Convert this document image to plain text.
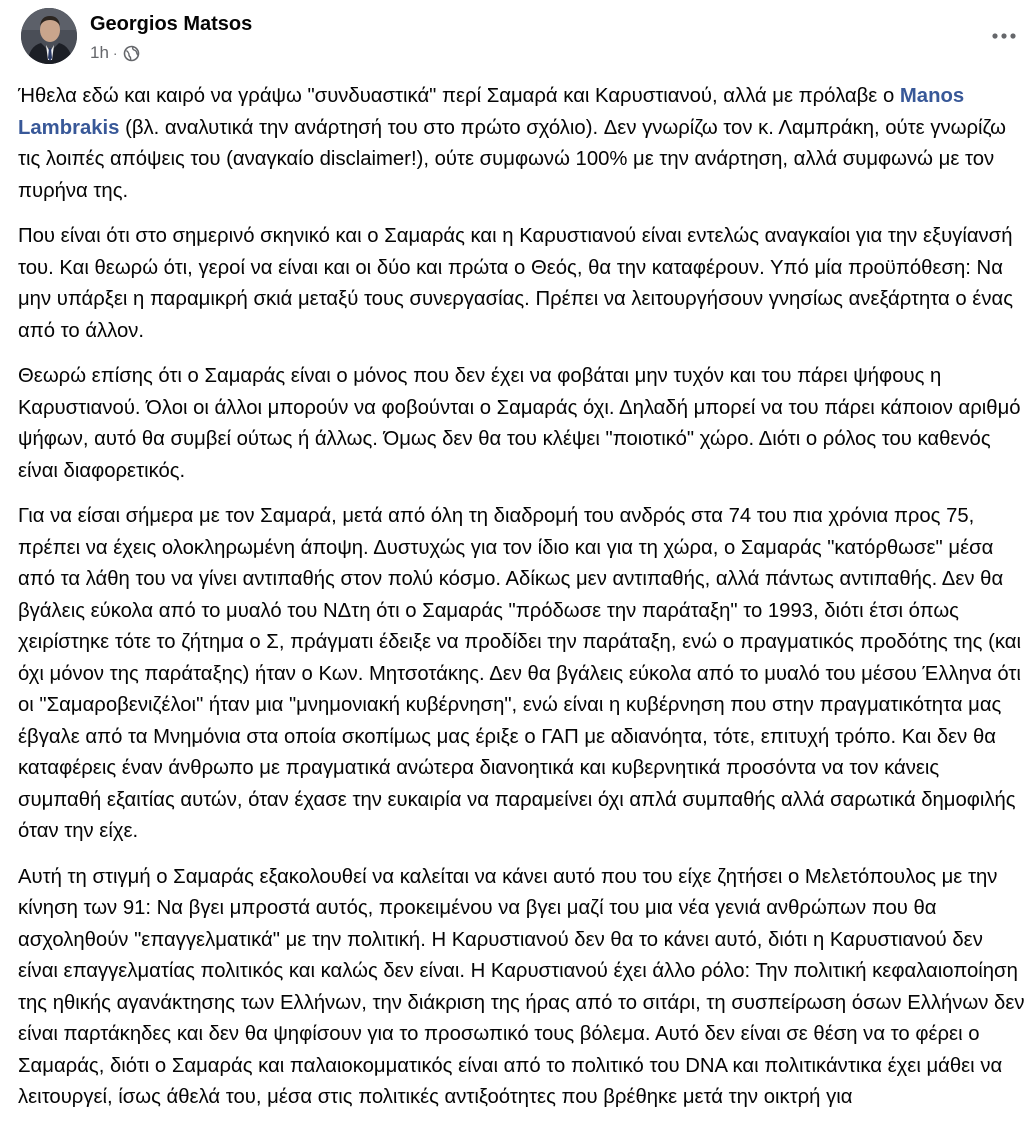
Georgios Matsos
1h ·

Ήθελα εδώ και καιρό να γράψω "συνδυαστικά" περί Σαμαρά και Καρυστιανού, αλλά με πρόλαβε ο Manos Lambrakis (βλ. αναλυτικά την ανάρτησή του στο πρώτο σχόλιο). Δεν γνωρίζω τον κ. Λαμπράκη, ούτε γνωρίζω τις λοιπές απόψεις του (αναγκαίο disclaimer!), ούτε συμφωνώ 100% με την ανάρτηση, αλλά συμφωνώ με τον πυρήνα της.

Που είναι ότι στο σημερινό σκηνικό και ο Σαμαράς και η Καρυστιανού είναι εντελώς αναγκαίοι για την εξυγίανσή του. Και θεωρώ ότι, γεροί να είναι και οι δύο και πρώτα ο Θεός, θα την καταφέρουν. Υπό μία προϋπόθεση: Να μην υπάρξει η παραμικρή σκιά μεταξύ τους συνεργασίας. Πρέπει να λειτουργήσουν γνησίως ανεξάρτητα ο ένας από το άλλον.

Θεωρώ επίσης ότι ο Σαμαράς είναι ο μόνος που δεν έχει να φοβάται μην τυχόν και του πάρει ψήφους η Καρυστιανού. Όλοι οι άλλοι μπορούν να φοβούνται ο Σαμαράς όχι. Δηλαδή μπορεί να του πάρει κάποιον αριθμό ψήφων, αυτό θα συμβεί ούτως ή άλλως. Όμως δεν θα του κλέψει "ποιοτικό" χώρο. Διότι ο ρόλος του καθενός είναι διαφορετικός.

Για να είσαι σήμερα με τον Σαμαρά, μετά από όλη τη διαδρομή του ανδρός στα 74 του πια χρόνια προς 75, πρέπει να έχεις ολοκληρωμένη άποψη. Δυστυχώς για τον ίδιο και για τη χώρα, ο Σαμαράς "κατόρθωσε" μέσα από τα λάθη του να γίνει αντιπαθής στον πολύ κόσμο. Αδίκως μεν αντιπαθής, αλλά πάντως αντιπαθής. Δεν θα βγάλεις εύκολα από το μυαλό του ΝΔτη ότι ο Σαμαράς "πρόδωσε την παράταξη" το 1993, διότι έτσι όπως χειρίστηκε τότε το ζήτημα ο Σ, πράγματι έδειξε να προδίδει την παράταξη, ενώ ο πραγματικός προδότης της (και όχι μόνον της παράταξης) ήταν ο Κων. Μητσοτάκης. Δεν θα βγάλεις εύκολα από το μυαλό του μέσου Έλληνα ότι οι "Σαμαροβενιζέλοι" ήταν μια "μνημονιακή κυβέρνηση", ενώ είναι η κυβέρνηση που στην πραγματικότητα μας έβγαλε από τα Μνημόνια στα οποία σκοπίμως μας έριξε ο ΓΑΠ με αδιανόητα, τότε, επιτυχή τρόπο. Και δεν θα καταφέρεις έναν άνθρωπο με πραγματικά ανώτερα διανοητικά και κυβερνητικά προσόντα να τον κάνεις συμπαθή εξαιτίας αυτών, όταν έχασε την ευκαιρία να παραμείνει όχι απλά συμπαθής αλλά σαρωτικά δημοφιλής όταν την είχε.

Αυτή τη στιγμή ο Σαμαράς εξακολουθεί να καλείται να κάνει αυτό που του είχε ζητήσει ο Μελετόπουλος με την κίνηση των 91: Να βγει μπροστά αυτός, προκειμένου να βγει μαζί του μια νέα γενιά ανθρώπων που θα ασχοληθούν "επαγγελματικά" με την πολιτική. Η Καρυστιανού δεν θα το κάνει αυτό, διότι η Καρυστιανού δεν είναι επαγγελματίας πολιτικός και καλώς δεν είναι. Η Καρυστιανού έχει άλλο ρόλο: Την πολιτική κεφαλαιοποίηση της ηθικής αγανάκτησης των Ελλήνων, την διάκριση της ήρας από το σιτάρι, τη συσπείρωση όσων Ελλήνων δεν είναι παρτάκηδες και δεν θα ψηφίσουν για το προσωπικό τους βόλεμα. Αυτό δεν είναι σε θέση να το φέρει ο Σαμαράς, διότι ο Σαμαράς και παλαιοκομματικός είναι από το πολιτικό του DNA και πολιτικάντικα έχει μάθει να λειτουργεί, ίσως άθελά του, μέσα στις πολιτικές αντιξοότητες που βρέθηκε μετά την οικτρή για
